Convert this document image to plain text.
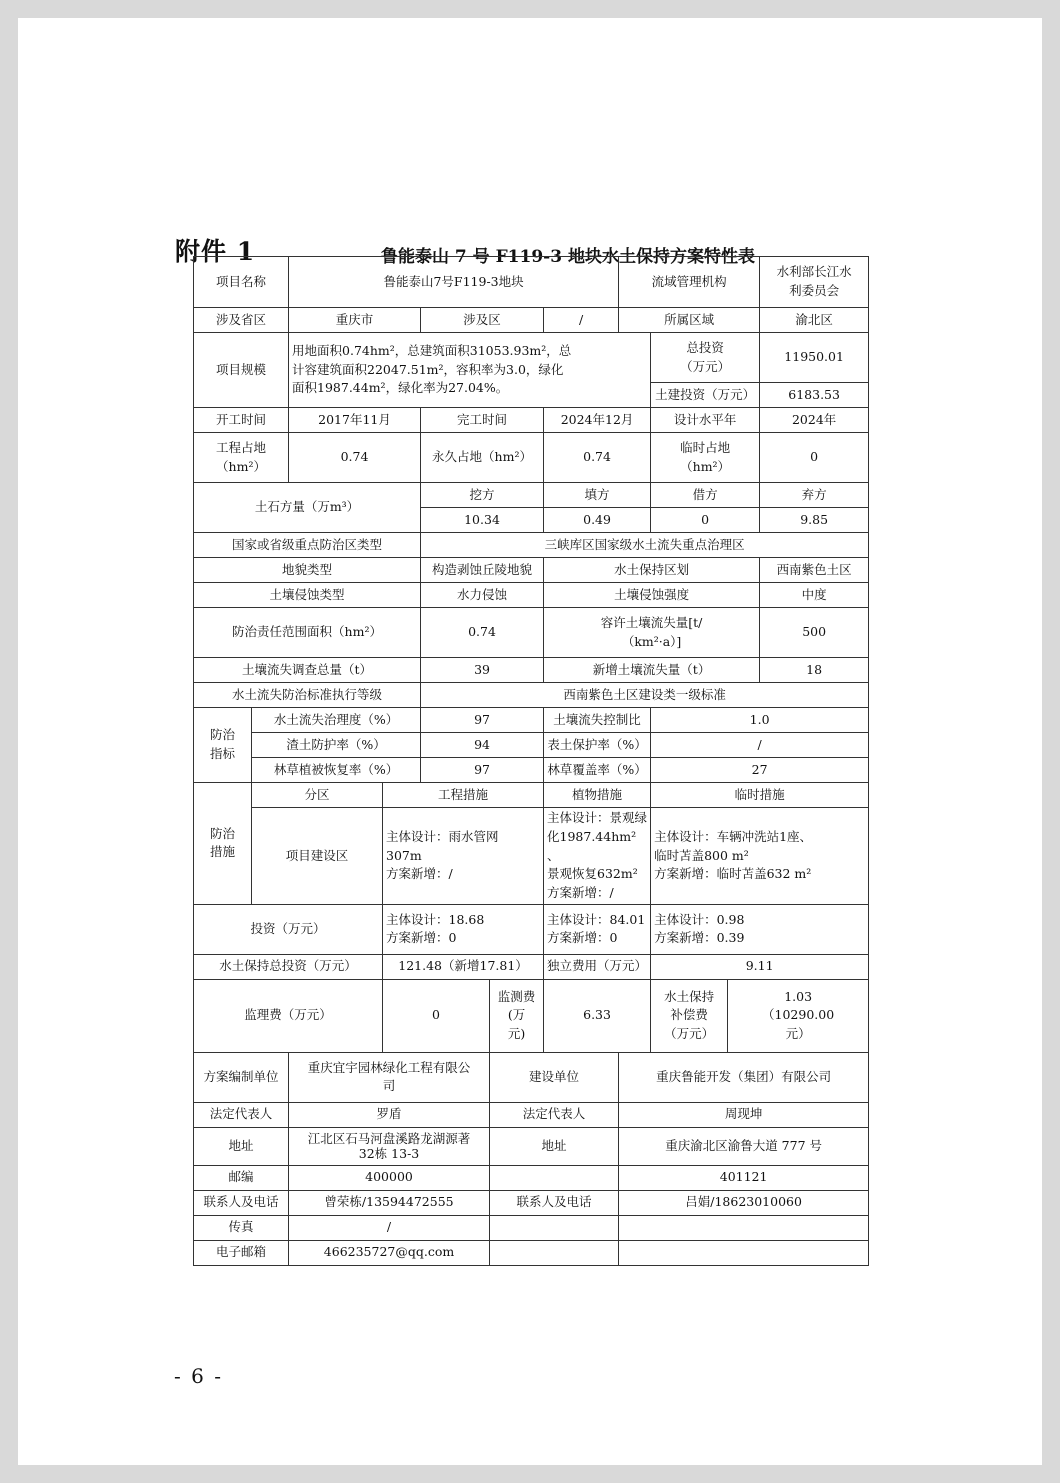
附件 1	鲁能泰山 7 号 F119-3 地块水土保持方案特性表
- 6 -
项目名称		鲁能泰山7号F119-3地块					流域管理机构			水利部长江水
利委员会

涉及省区		重庆市		涉及区		/	所属区域			渝北区
项目规模		用地面积0.74hm²，总建筑面积31053.93m²，总
计容建筑面积22047.51m²，容积率为3.0，绿化
面积1987.44m²，绿化率为27.04%。						总投资
（万元）		11950.01
								土建投资（万元）		6183.53
开工时间		2017年11月		完工时间		2024年12月		设计水平年		2024年

工程占地
（hm²）		0.74		永久占地（hm²）		0.74		临时占地
（hm²）		0
土石方量（万m³）				挖方		填方		借方		弃方
				10.34		0.49		0		9.85
国家或省级重点防治区类型				三峡库区国家级水土流失重点治理区						
地貌类型				构造剥蚀丘陵地貌		水土保持区划				西南紫色土区
土壤侵蚀类型				水力侵蚀		土壤侵蚀强度				中度
防治责任范围面积（hm²）				0.74		容许土壤流失量[t/
（km²·a）]				500
土壤流失调查总量（t）				39		新增土壤流失量（t）				18
水土流失防治标准执行等级				西南紫色土区建设类一级标准						

防治
指标	水土流失治理度（%）			97		土壤流失控制比		1.0		
	渣土防护率（%）			94		表土保护率（%）		/		
	林草植被恢复率（%）			97		林草覆盖率（%）		27		

防治
措施	分区		工程措施			植物措施		临时措施		
	项目建设区		主体设计：雨水管网
307m
方案新增：/			主体设计：景观绿
化1987.44hm²　、
景观恢复632m²
方案新增：/		主体设计：车辆冲洗站1座、
临时苫盖800 m²
方案新增：临时苫盖632 m²		

投资（万元）			主体设计：18.68
方案新增：0			主体设计：84.01
方案新增：0		主体设计：0.98
方案新增：0.39		

水土保持总投资（万元）			121.48（新增17.81）			独立费用（万元）		9.11		
监理费（万元）			0		监测费(万
元)	6.33		水土保持
补偿费
（万元）	1.03
（10290.00
元）	

方案编制单位		重庆宜宇园林绿化工程有限公
司			建设单位		重庆鲁能开发（集团）有限公司			
法定代表人		罗盾			法定代表人		周现坤			
地址		江北区石马河盘溪路龙湖源著
32栋 13-3			地址		重庆渝北区渝鲁大道 777 号			
邮编		400000					401121			
联系人及电话		曾荣栋/13594472555			联系人及电话		吕娟/18623010060			
传真		/								
电子邮箱		466235727@qq.com								
